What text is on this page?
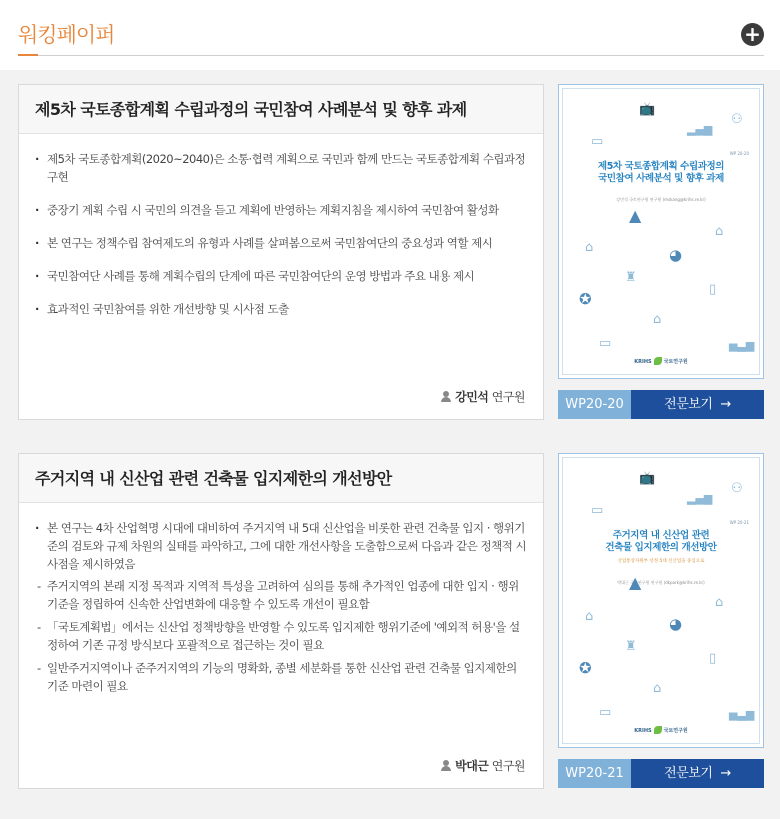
워킹페이퍼	+
제5차 국토종합계획 수립과정의 국민참여 사례분석 및 향후 과제
· 제5차 국토종합계획(2020~2040)은 소통·협력 계획으로 국민과 함께 만드는 국토종합계획 수립과정 구현
· 중장기 계획 수립 시 국민의 의견을 듣고 계획에 반영하는 계획지침을 제시하여 국민참여 활성화
· 본 연구는 정책수립 참여제도의 유형과 사례를 살펴봄으로써 국민참여단의 중요성과 역할 제시
· 국민참여단 사례를 통해 계획수립의 단계에 따른 국민참여단의 운영 방법과 주요 내용 제시
· 효과적인 국민참여를 위한 개선방향 및 시사점 도출
강민석 연구원
📺
▂▄▆
⚇
▭
WP 20-20
제5차 국토종합계획 수립과정의
국민참여 사례분석 및 향후 과제
강민석 국토연구원 연구원 (mskang@krihs.re.kr)
▲
⌂
⌂	◕
♜
▯
✪
⌂
▭	▅▃▆
KRIHS 국토연구원
WP20-20	전문보기 →
주거지역 내 신산업 관련 건축물 입지제한의 개선방안
· 본 연구는 4차 산업혁명 시대에 대비하여 주거지역 내 5대 신산업을 비롯한 관련 건축물 입지 · 행위기준의 검토와 규제 차원의 실태를 파악하고, 그에 대한 개선사항을 도출함으로써 다음과 같은 정책적 시사점을 제시하였음
- 주거지역의 본래 지정 목적과 지역적 특성을 고려하여 심의를 통해 추가적인 업종에 대한 입지 · 행위 기준을 정립하여 신속한 산업변화에 대응할 수 있도록 개선이 필요함
- 「국토계획법」에서는 신산업 정책방향을 반영할 수 있도록 입지제한 행위기준에 '예외적 허용'을 설정하여 기존 규정 방식보다 포괄적으로 접근하는 것이 필요
- 일반주거지역이나 준주거지역의 기능의 명확화, 종별 세분화를 통한 신산업 관련 건축물 입지제한의 기준 마련이 필요
박대근 연구원
📺
▂▄▆
⚇
▭
WP 20-21
주거지역 내 신산업 관련
건축물 입지제한의 개선방안
산업통상자원부 선정 5대 신산업을 중심으로
박대근 국토연구원 연구원 (dkpark@krihs.re.kr)
▲
⌂
⌂	◕
♜
▯
✪
⌂
▭	▅▃▆
KRIHS 국토연구원
WP20-21	전문보기 →
